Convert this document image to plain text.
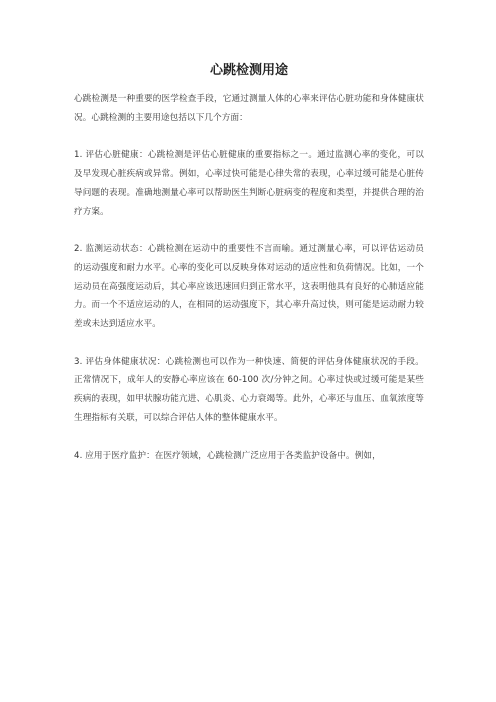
心跳检测用途

心跳检测是一种重要的医学检查手段，它通过测量人体的心率来评估心脏功能和身体健康状况。心跳检测的主要用途包括以下几个方面：

1. 评估心脏健康：心跳检测是评估心脏健康的重要指标之一。通过监测心率的变化，可以及早发现心脏疾病或异常。例如，心率过快可能是心律失常的表现，心率过缓可能是心脏传导问题的表现。准确地测量心率可以帮助医生判断心脏病变的程度和类型，并提供合理的治疗方案。

2. 监测运动状态：心跳检测在运动中的重要性不言而喻。通过测量心率，可以评估运动员的运动强度和耐力水平。心率的变化可以反映身体对运动的适应性和负荷情况。比如，一个运动员在高强度运动后，其心率应该迅速回归到正常水平，这表明他具有良好的心肺适应能力。而一个不适应运动的人，在相同的运动强度下，其心率升高过快，则可能是运动耐力较差或未达到适应水平。

3. 评估身体健康状况：心跳检测也可以作为一种快速、简便的评估身体健康状况的手段。正常情况下，成年人的安静心率应该在 60-100 次/分钟之间。心率过快或过缓可能是某些疾病的表现，如甲状腺功能亢进、心肌炎、心力衰竭等。此外，心率还与血压、血氧浓度等生理指标有关联，可以综合评估人体的整体健康水平。

4. 应用于医疗监护：在医疗领域，心跳检测广泛应用于各类监护设备中。例如，
